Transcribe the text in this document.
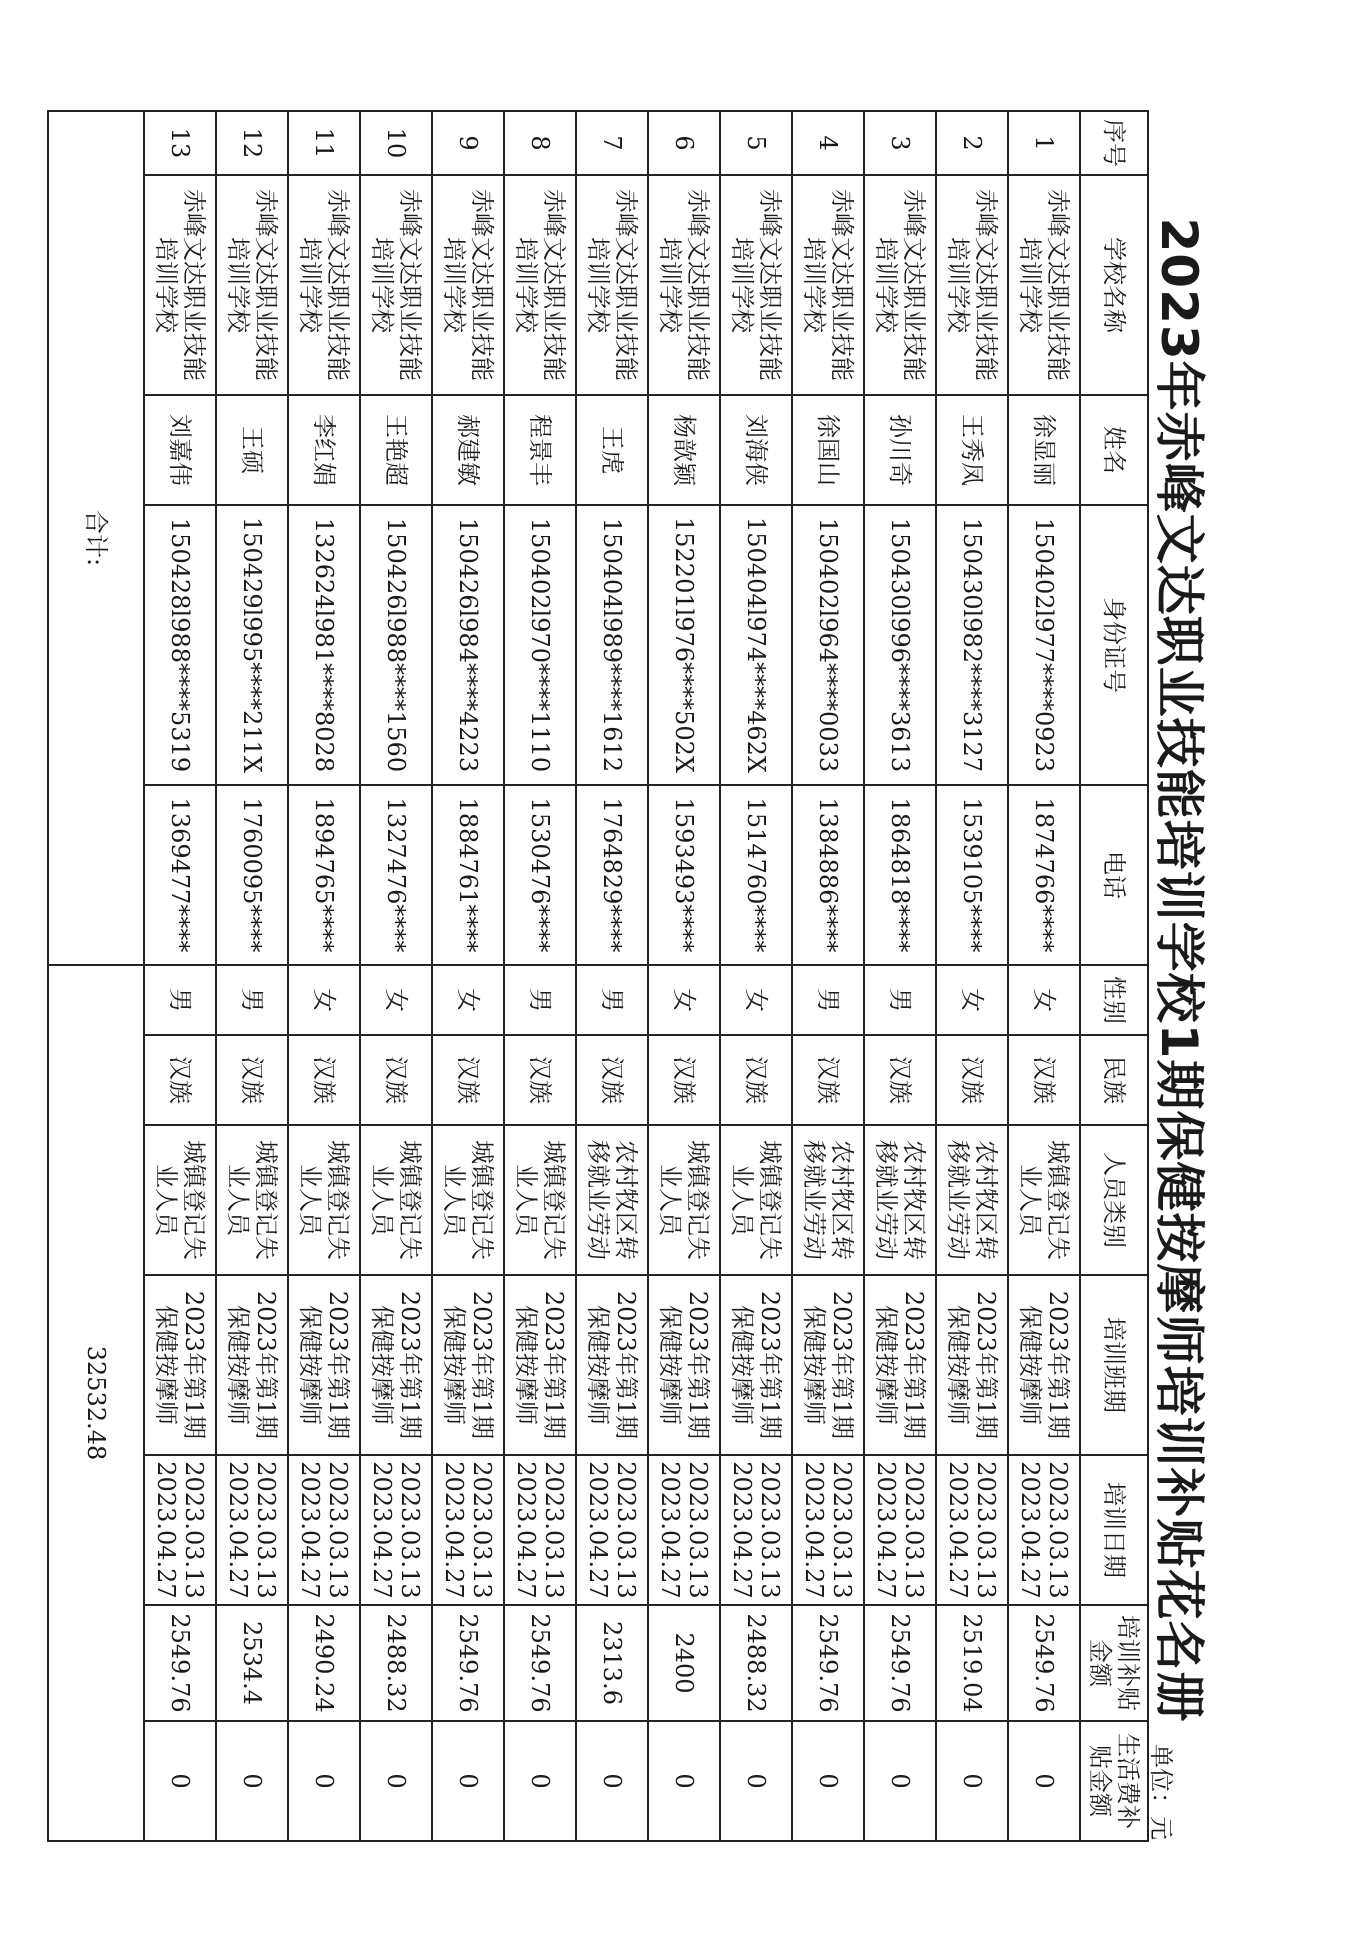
2023年赤峰文达职业技能培训学校1期保健按摩师培训补贴花名册
单位：元
序号	学校名称	姓名	身份证号	电话	性别	民族	人员类别	培训班期	培训日期	培训补贴金额	生活费补贴金额
1	赤峰文达职业技能培训学校	徐显丽	150402l977****0923	1874766****	女	汉族	城镇登记失业人员	2023年第1期保健按摩师	2023.03.13 2023.04.27	2549.76	0
2	赤峰文达职业技能培训学校	王秀凤	150430l982****3127	1539105****	女	汉族	农村牧区转移就业劳动	2023年第1期保健按摩师	2023.03.13 2023.04.27	2519.04	0
3	赤峰文达职业技能培训学校	孙川奇	150430l996****3613	1864818****	男	汉族	农村牧区转移就业劳动	2023年第1期保健按摩师	2023.03.13 2023.04.27	2549.76	0
4	赤峰文达职业技能培训学校	徐国山	150402l964****0033	1384886****	男	汉族	农村牧区转移就业劳动	2023年第1期保健按摩师	2023.03.13 2023.04.27	2549.76	0
5	赤峰文达职业技能培训学校	刘海侠	150404l974****462X	1514760****	女	汉族	城镇登记失业人员	2023年第1期保健按摩师	2023.03.13 2023.04.27	2488.32	0
6	赤峰文达职业技能培训学校	杨歆颖	152201l976****502X	1593493****	女	汉族	城镇登记失业人员	2023年第1期保健按摩师	2023.03.13 2023.04.27	2400	0
7	赤峰文达职业技能培训学校	王虎	150404l989****1612	1764829****	男	汉族	农村牧区转移就业劳动	2023年第1期保健按摩师	2023.03.13 2023.04.27	2313.6	0
8	赤峰文达职业技能培训学校	程景丰	150402l970****1110	1530476****	男	汉族	城镇登记失业人员	2023年第1期保健按摩师	2023.03.13 2023.04.27	2549.76	0
9	赤峰文达职业技能培训学校	郝建敏	150426l984****4223	1884761****	女	汉族	城镇登记失业人员	2023年第1期保健按摩师	2023.03.13 2023.04.27	2549.76	0
10	赤峰文达职业技能培训学校	王艳超	150426l988****1560	1327476****	女	汉族	城镇登记失业人员	2023年第1期保健按摩师	2023.03.13 2023.04.27	2488.32	0
11	赤峰文达职业技能培训学校	李红娟	132624l981****8028	1894765****	女	汉族	城镇登记失业人员	2023年第1期保健按摩师	2023.03.13 2023.04.27	2490.24	0
12	赤峰文达职业技能培训学校	王硕	150429l995****211X	1760095****	男	汉族	城镇登记失业人员	2023年第1期保健按摩师	2023.03.13 2023.04.27	2534.4	0
13	赤峰文达职业技能培训学校	刘嘉伟	150428l988****5319	1369477****	男	汉族	城镇登记失业人员	2023年第1期保健按摩师	2023.03.13 2023.04.27	2549.76	0
合计:					32532.48						
